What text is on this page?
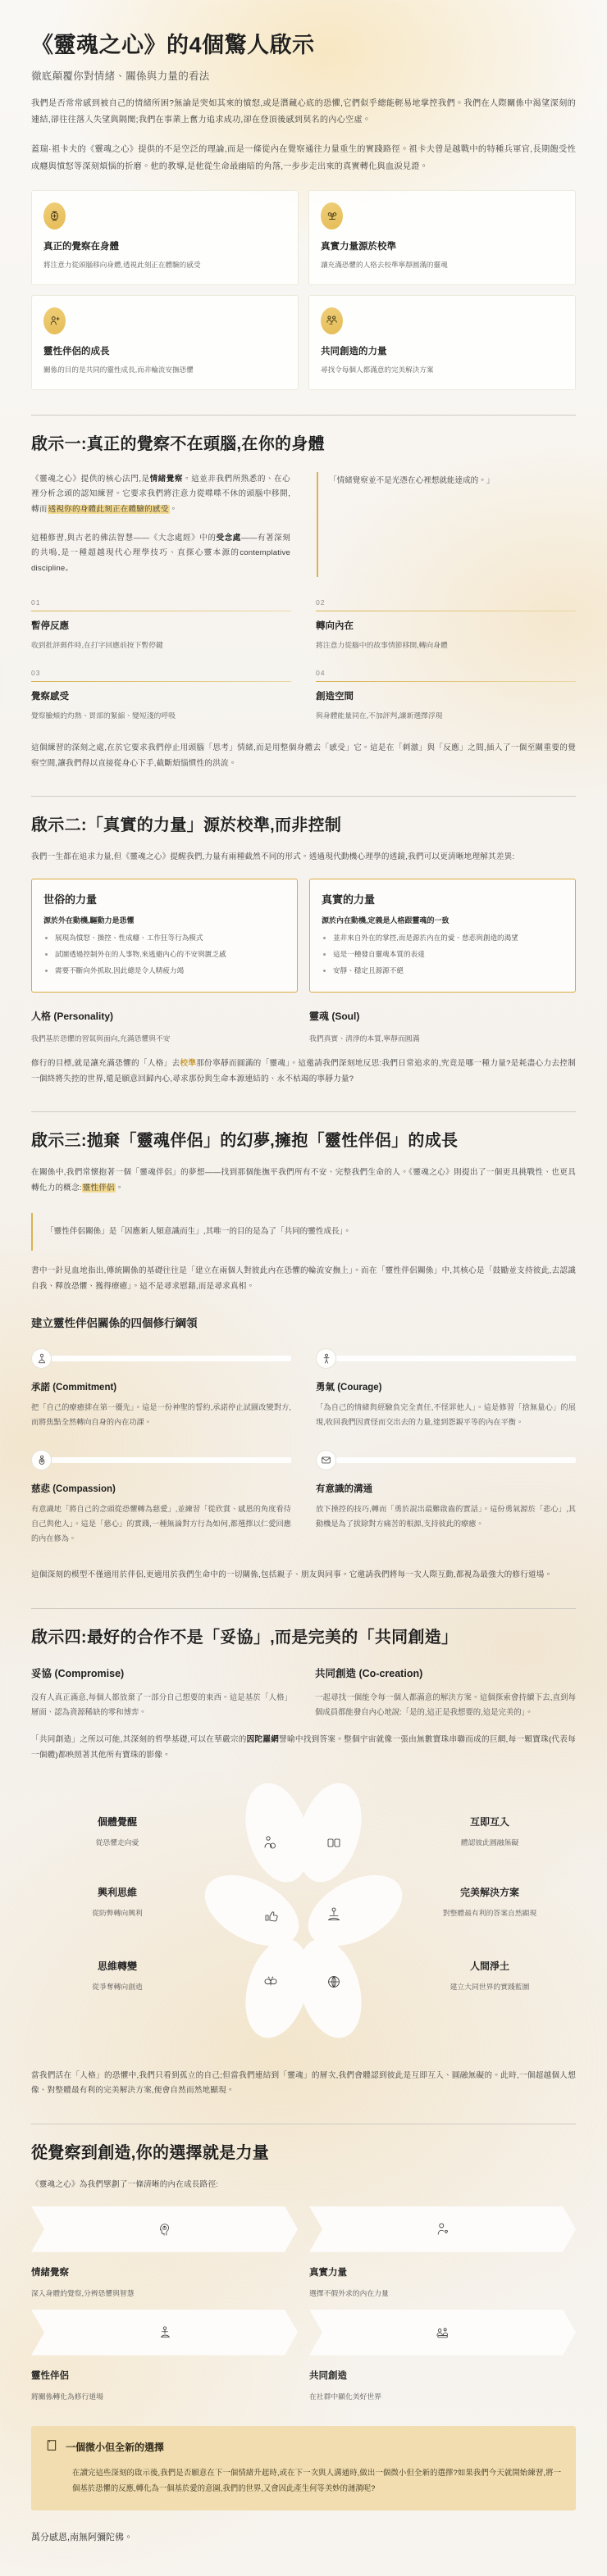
《靈魂之心》的4個驚人啟示
徹底顛覆你對情緒、關係與力量的看法

我們是否常常感到被自己的情緒所困?無論是突如其來的憤怒,或是潛藏心底的恐懼,它們似乎總能輕易地掌控我們。我們在人際關係中渴望深刻的連結,卻往往落入失望與隔閡;我們在事業上奮力追求成功,卻在登頂後感到莫名的內心空虛。

蓋瑞·祖卡夫的《靈魂之心》提供的不是空泛的理論,而是一條從內在覺察通往力量重生的實踐路徑。祖卡夫曾是越戰中的特種兵軍官,長期飽受性成癮與憤怒等深刻煩惱的折磨。他的教導,是他從生命最幽暗的角落,一步步走出來的真實轉化與血淚見證。

真正的覺察在身體
將注意力從頭腦移向身體,透視此刻正在體驗的感受
真實力量源於校準
讓充滿恐懼的人格去校準寧靜圓滿的靈魂
靈性伴侶的成長
關係的目的是共同的靈性成長,而非輪流安撫恐懼
共同創造的力量
尋找令每個人都滿意的完美解決方案
啟示一:真正的覺察不在頭腦,在你的身體

《靈魂之心》提供的核心法門,是情緒覺察。這並非我們所熟悉的、在心裡分析念頭的認知練習。它要求我們將注意力從喋喋不休的頭腦中移開,轉而透視你的身體此刻正在體驗的感受。

這種修習,與古老的佛法智慧——《大念處經》中的受念處——有著深刻的共鳴,是一種超越現代心理學技巧、直探心靈本源的contemplative discipline。

「情緒覺察並不是光憑在心裡想就能達成的。」
01
暫停反應
收到批評郵件時,在打字回應前按下暫停鍵
02
轉向內在
將注意力從腦中的故事情節移開,轉向身體
03
覺察感受
覺察臉頰的灼熱、胃部的緊縮、變短淺的呼吸
04
創造空間
與身體能量同在,不加評判,讓新選擇浮現

這個練習的深刻之處,在於它要求我們停止用頭腦「思考」情緒,而是用整個身體去「感受」它。這是在「刺激」與「反應」之間,插入了一個至關重要的覺察空間,讓我們得以直接從身心下手,截斷煩惱慣性的洪流。

啟示二:「真實的力量」源於校準,而非控制

我們一生都在追求力量,但《靈魂之心》提醒我們,力量有兩種截然不同的形式。透過現代動機心理學的透鏡,我們可以更清晰地理解其差異:

世俗的力量
源於外在動機,驅動力是恐懼
• 展現為憤怒、操控、性成癮、工作狂等行為模式
• 試圖透過控制外在的人事物,來逃避內心的不安與匱乏感
• 需要不斷向外抓取,因此總是令人精疲力竭
真實的力量
源於內在動機,定義是人格跟靈魂的一致
• 並非來自外在的掌控,而是源於內在的愛、慈悲與創造的渴望
• 這是一種發自靈魂本質的表達
• 安靜、穩定且源源不絕
人格 (Personality)
我們基於恐懼的習氣與面向,充滿恐懼與不安
靈魂 (Soul)
我們真實、清淨的本質,寧靜而圓滿

修行的目標,就是讓充滿恐懼的「人格」去校準那份寧靜而圓滿的「靈魂」。這邀請我們深刻地反思:我們日常追求的,究竟是哪一種力量?是耗盡心力去控制一個終將失控的世界,還是願意回歸內心,尋求那份與生命本源連結的、永不枯竭的寧靜力量?

啟示三:拋棄「靈魂伴侶」的幻夢,擁抱「靈性伴侶」的成長

在關係中,我們常懷抱著一個「靈魂伴侶」的夢想——找到那個能撫平我們所有不安、完整我們生命的人。《靈魂之心》則提出了一個更具挑戰性、也更具轉化力的概念:靈性伴侶。

「靈性伴侶關係」是「因應新人類意識而生」,其唯一的目的是為了「共同的靈性成長」。

書中一針見血地指出,傳統關係的基礎往往是「建立在兩個人對彼此內在恐懼的輪流安撫上」。而在「靈性伴侶關係」中,其核心是「鼓勵並支持彼此,去認識自我、釋放恐懼、獲得療癒」。這不是尋求慰藉,而是尋求真相。

建立靈性伴侶關係的四個修行綱領
承諾 (Commitment)
把「自己的療癒排在第一優先」。這是一份神聖的誓約,承諾停止試圖改變對方,而將焦點全然轉向自身的內在功課。
勇氣 (Courage)
「為自己的情緒與經驗負完全責任,不怪罪他人」。這是修習「捨無量心」的展現,收回我們因責怪而交出去的力量,達到怨親平等的內在平衡。
慈悲 (Compassion)
有意識地「將自己的念頭從恐懼轉為慈愛」,並練習「從欣賞、感恩的角度看待自己與他人」。這是「慈心」的實踐,一種無論對方行為如何,都選擇以仁愛回應的內在修為。
有意識的溝通
放下操控的技巧,轉而「勇於說出最難啟齒的實話」。這份勇氣源於「悲心」,其動機是為了拔除對方痛苦的根源,支持彼此的療癒。

這個深刻的模型不僅適用於伴侶,更適用於我們生命中的一切關係,包括親子、朋友與同事。它邀請我們將每一次人際互動,都視為最強大的修行道場。

啟示四:最好的合作不是「妥協」,而是完美的「共同創造」
妥協 (Compromise)
沒有人真正滿意,每個人都放棄了一部分自己想要的東西。這是基於「人格」層面、認為資源稀缺的零和博弈。
共同創造 (Co-creation)
一起尋找一個能令每一個人都滿意的解決方案。這個探索會持續下去,直到每個成員都能發自內心地說:「是的,這正是我想要的,這是完美的」。

「共同創造」之所以可能,其深刻的哲學基礎,可以在華嚴宗的因陀羅網譬喻中找到答案。整個宇宙就像一張由無數寶珠串聯而成的巨網,每一顆寶珠(代表每一個體)都映照著其他所有寶珠的影像。

個體覺醒
從恐懼走向愛
互即互入
體認彼此圓融無礙
興利思維
從防弊轉向興利
完美解決方案
對整體最有利的答案自然顯現
思維轉變
從爭奪轉向創造
人間淨土
建立大同世界的實踐藍圖

當我們活在「人格」的恐懼中,我們只看到孤立的自己;但當我們連結到「靈魂」的層次,我們會體認到彼此是互即互入、圓融無礙的。此時,一個超越個人想像、對整體最有利的完美解決方案,便會自然而然地顯現。

從覺察到創造,你的選擇就是力量

《靈魂之心》為我們擘劃了一條清晰的內在成長路徑:

情緒覺察
深入身體的覺察,分辨恐懼與智慧
真實力量
選擇不假外求的內在力量
靈性伴侶
將關係轉化為修行道場
共同創造
在社群中顯化美好世界
一個微小但全新的選擇
在讀完這些深刻的啟示後,我們是否願意在下一個情緒升起時,或在下一次與人溝通時,做出一個微小但全新的選擇?如果我們今天就開始練習,將一個基於恐懼的反應,轉化為一個基於愛的意圖,我們的世界,又會因此產生何等美妙的漣漪呢?
萬分感恩,南無阿彌陀佛。
